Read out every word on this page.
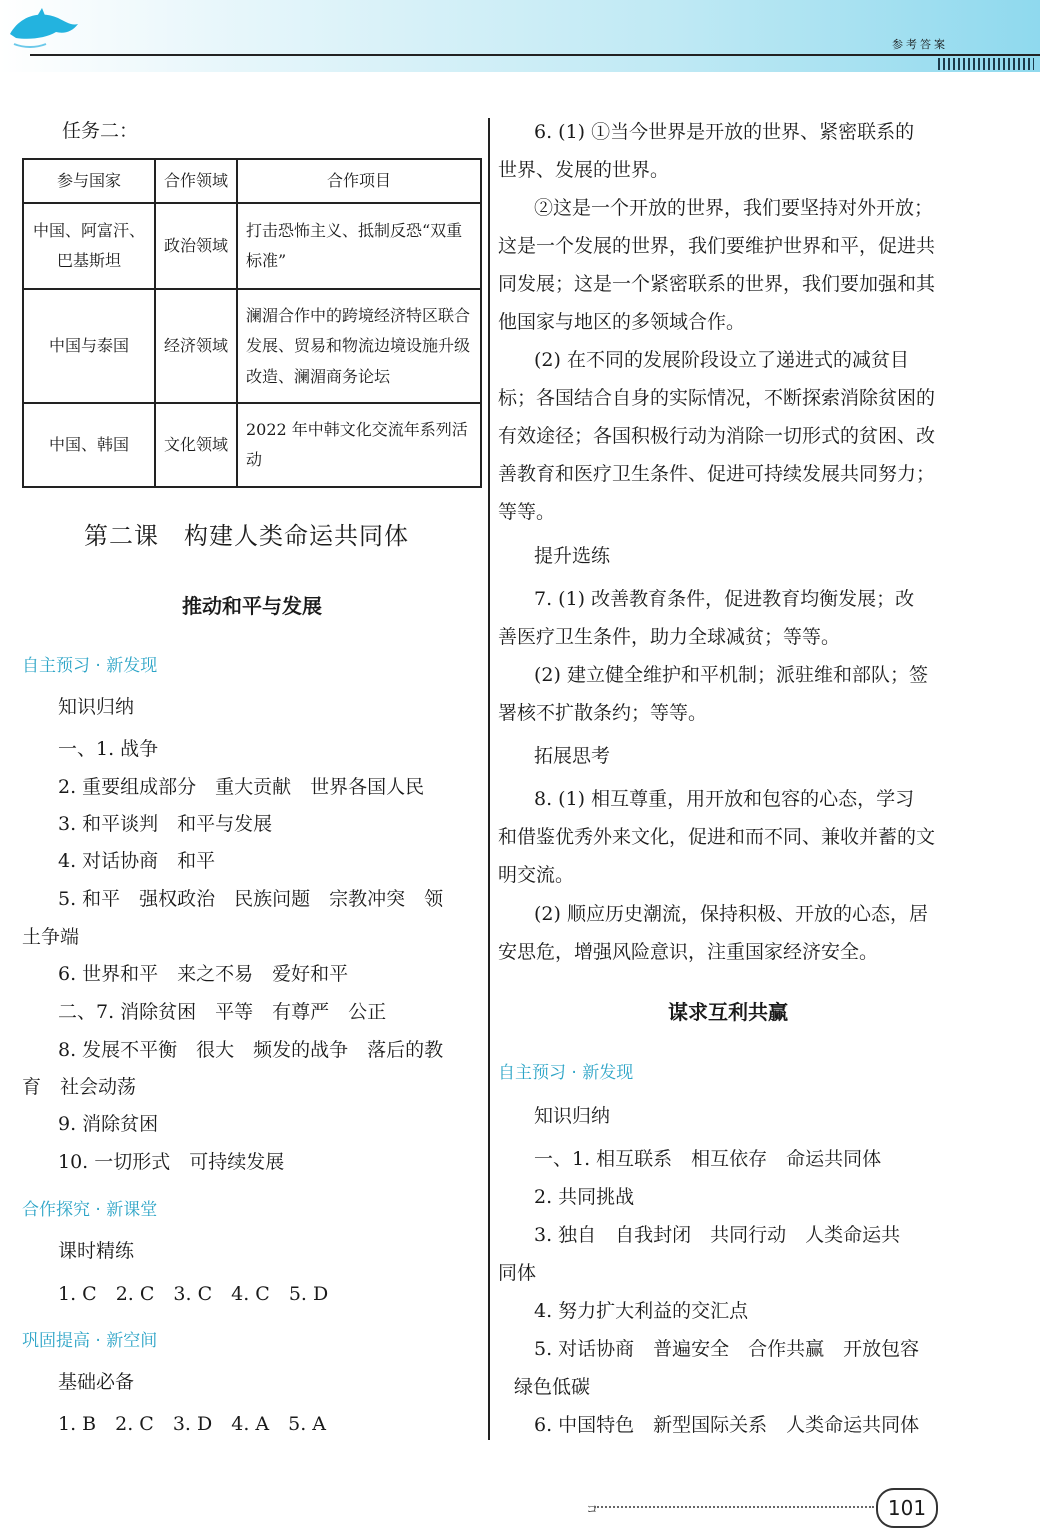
参考答案
任务二：
参与国家	合作领域	合作项目
中国、阿富汗、巴基斯坦	政治领域	打击恐怖主义、抵制反恐“双重标准”
中国与泰国	经济领域	澜湄合作中的跨境经济特区联合发展、贸易和物流边境设施升级改造、澜湄商务论坛
中国、韩国	文化领域	2022 年中韩文化交流年系列活动
第二课　构建人类命运共同体
推动和平与发展
自主预习 · 新发现
知识归纳
一、1. 战争
2. 重要组成部分　重大贡献　世界各国人民
3. 和平谈判　和平与发展
4. 对话协商　和平
5. 和平　强权政治　民族问题　宗教冲突　领
土争端
6. 世界和平　来之不易　爱好和平
二、7. 消除贫困　平等　有尊严　公正
8. 发展不平衡　很大　频发的战争　落后的教
育　社会动荡
9. 消除贫困
10. 一切形式　可持续发展
合作探究 · 新课堂
课时精练
1. C　2. C　3. C　4. C　5. D
巩固提高 · 新空间
基础必备
1. B　2. C　3. D　4. A　5. A
6. (1) ①当今世界是开放的世界、紧密联系的
世界、发展的世界。
②这是一个开放的世界，我们要坚持对外开放；
这是一个发展的世界，我们要维护世界和平，促进共
同发展；这是一个紧密联系的世界，我们要加强和其
他国家与地区的多领域合作。
(2) 在不同的发展阶段设立了递进式的减贫目
标；各国结合自身的实际情况，不断探索消除贫困的
有效途径；各国积极行动为消除一切形式的贫困、改
善教育和医疗卫生条件、促进可持续发展共同努力；
等等。
提升选练
7. (1) 改善教育条件，促进教育均衡发展；改
善医疗卫生条件，助力全球减贫；等等。
(2) 建立健全维护和平机制；派驻维和部队；签
署核不扩散条约；等等。
拓展思考
8. (1) 相互尊重，用开放和包容的心态，学习
和借鉴优秀外来文化，促进和而不同、兼收并蓄的文
明交流。
(2) 顺应历史潮流，保持积极、开放的心态，居
安思危，增强风险意识，注重国家经济安全。
谋求互利共赢
自主预习 · 新发现
知识归纳
一、1. 相互联系　相互依存　命运共同体
2. 共同挑战
3. 独自　自我封闭　共同行动　人类命运共
同体
4. 努力扩大利益的交汇点
5. 对话协商　普遍安全　合作共赢　开放包容
绿色低碳
6. 中国特色　新型国际关系　人类命运共同体
コ	101
